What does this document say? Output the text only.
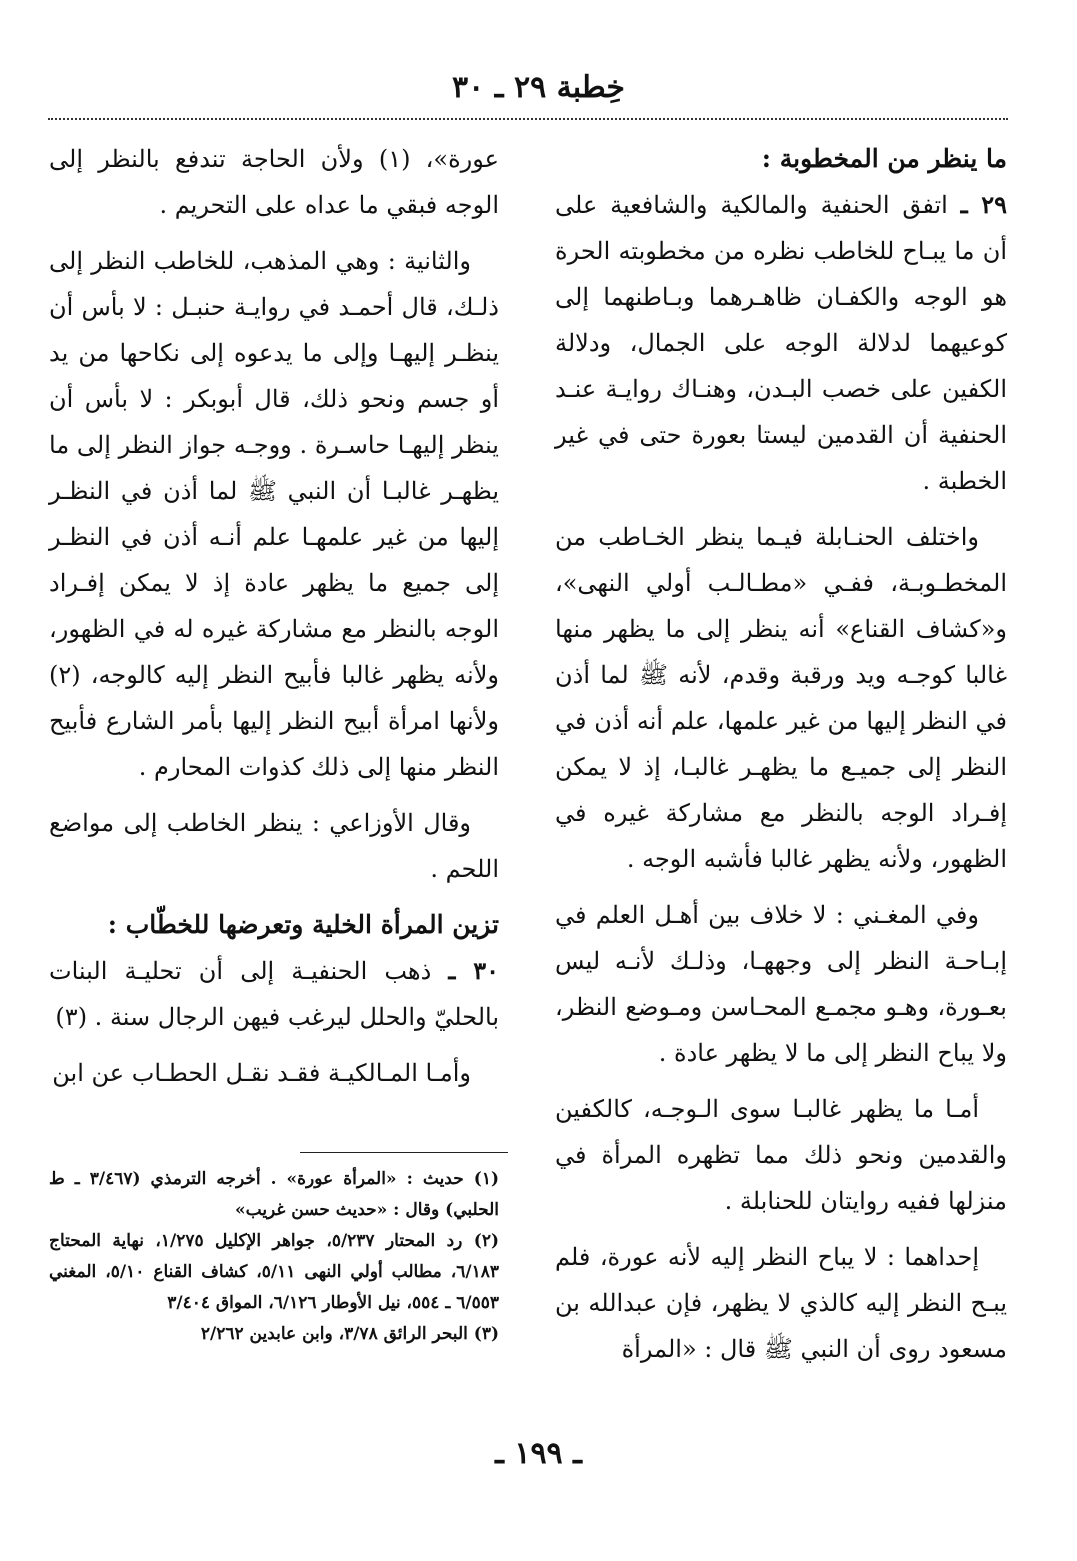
خِطبة ٢٩ ـ ٣٠
ما ينظر من المخطوبة :

٢٩ ـ اتفق الحنفية والمالكية والشافعية على أن ما يبـاح للخاطب نظره من مخطوبته الحرة هو الوجه والكفـان ظاهـرهما وبـاطنهما إلى كوعيهما لدلالة الوجه على الجمال، ودلالة الكفين على خصب البـدن، وهنـاك روايـة عنـد الحنفية أن القدمين ليستا بعورة حتى في غير الخطبة .

واختلف الحنـابلة فيـما ينظر الخـاطب من المخطـوبـة، ففـي «مطـالـب أولي النهى»، و«كشاف القناع» أنه ينظر إلى ما يظهر منها غالبا كوجـه ويد ورقبة وقدم، لأنه ﷺ لما أذن في النظر إليها من غير علمها، علم أنه أذن في النظر إلى جميـع ما يظهـر غالبـا، إذ لا يمكن إفـراد الوجه بالنظر مع مشاركة غيره في الظهور، ولأنه يظهر غالبا فأشبه الوجه .

وفي المغـني : لا خلاف بين أهـل العلم في إبـاحـة النظر إلى وجههـا، وذلـك لأنـه ليس بعـورة، وهـو مجمـع المحـاسن ومـوضع النظر، ولا يباح النظر إلى ما لا يظهر عادة .

أمـا ما يظهر غالبـا سوى الـوجـه، كالكفين والقدمين ونحو ذلك مما تظهره المرأة في منزلها ففيه روايتان للحنابلة .

إحداهما : لا يباح النظر إليه لأنه عورة، فلم يبـح النظر إليه كالذي لا يظهر، فإن عبدالله بن مسعود روى أن النبي ﷺ قال : «المرأة

عورة»، (١) ولأن الحاجة تندفع بالنظر إلى الوجه فبقي ما عداه على التحريم .

والثانية : وهي المذهب، للخاطب النظر إلى ذلـك، قال أحمـد في روايـة حنبـل : لا بأس أن ينظـر إليهـا وإلى ما يدعوه إلى نكاحها من يد أو جسم ونحو ذلك، قال أبوبكر : لا بأس أن ينظر إليهـا حاسـرة . ووجـه جواز النظر إلى ما يظهـر غالبـا أن النبي ﷺ لما أذن في النظـر إليها من غير علمهـا علم أنـه أذن في النظـر إلى جميع ما يظهر عادة إذ لا يمكن إفـراد الوجه بالنظر مع مشاركة غيره له في الظهور، ولأنه يظهر غالبا فأبيح النظر إليه كالوجه، (٢) ولأنها امرأة أبيح النظر إليها بأمر الشارع فأبيح النظر منها إلى ذلك كذوات المحارم .

وقال الأوزاعي : ينظر الخاطب إلى مواضع اللحم .

تزين المرأة الخلية وتعرضها للخطّاب :

٣٠ ـ ذهب الحنفيـة إلى أن تحليـة البنات بالحليّ والحلل ليرغب فيهن الرجال سنة . (٣)

وأمـا المـالكيـة فقـد نقـل الحطـاب عن ابن

(١) حديث : «المرأة عورة» . أخرجه الترمذي (٣/٤٦٧ ـ ط الحلبي) وقال : «حديث حسن غريب»

(٢) رد المحتار ٥/٢٣٧، جواهر الإكليل ١/٢٧٥، نهاية المحتاج ٦/١٨٣، مطالب أولي النهى ٥/١١، كشاف القناع ٥/١٠، المغني ٦/٥٥٣ ـ ٥٥٤، نيل الأوطار ٦/١٢٦، المواق ٣/٤٠٤

(٣) البحر الرائق ٣/٧٨، وابن عابدين ٢/٢٦٢

ـ ١٩٩ ـ
